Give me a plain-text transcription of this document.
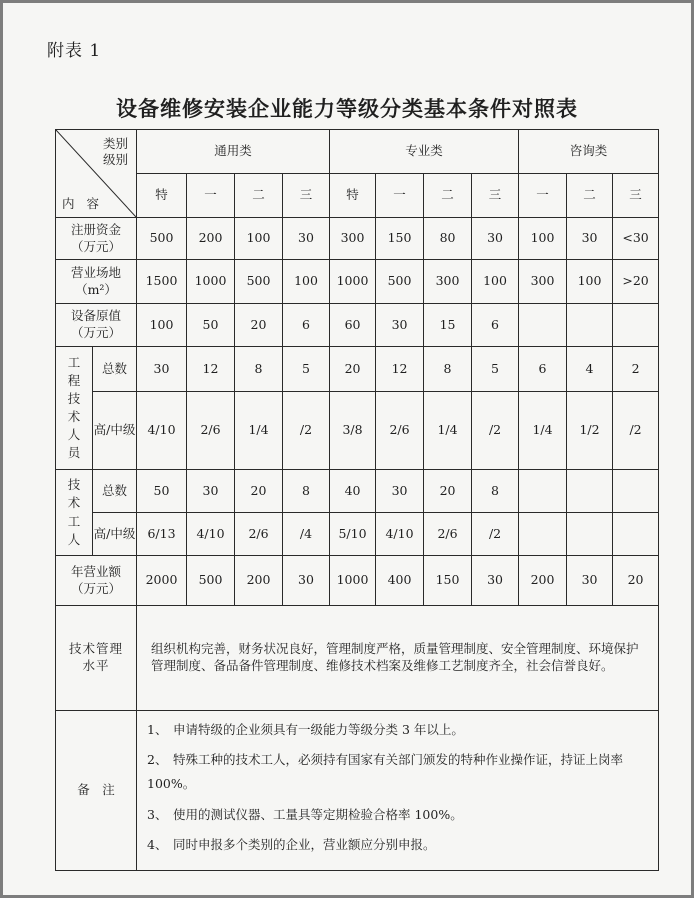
附表 1
设备维修安装企业能力等级分类基本条件对照表
类别
级别
内 容		通用类				专业类				咨询类		
		特	一	二	三	特	一	二	三	一	二	三

注册资金
（万元）		500	200	100	30	300	150	80	30	100	30	<30

营业场地
（m²）		1500	1000	500	100	1000	500	300	100	300	100	>20

设备原值
（万元）		100	50	20	6	60	30	15	6			
工程技术人员	总数	30	12	8	5	20	12	8	5	6	4	2
	高/中级	4/10	2/6	1/4	/2	3/8	2/6	1/4	/2	1/4	1/2	/2
技术工人	总数	50	30	20	8	40	30	20	8			
	高/中级	6/13	4/10	2/6	/4	5/10	4/10	2/6	/2			

年营业额
（万元）		2000	500	200	30	1000	400	150	30	200	30	20

技术管理
水平		组织机构完善，财务状况良好，管理制度严格，质量管理制度、安全管理制度、环境保护管理制度、备品备件管理制度、维修技术档案及维修工艺制度齐全，社会信誉良好。										
备　注		1、 申请特级的企业须具有一级能力等级分类 3 年以上。
2、 特殊工种的技术工人，必须持有国家有关部门颁发的特种作业操作证，持证上岗率 100%。
3、 使用的测试仪器、工量具等定期检验合格率 100%。
4、 同时申报多个类别的企业，营业额应分别申报。										
